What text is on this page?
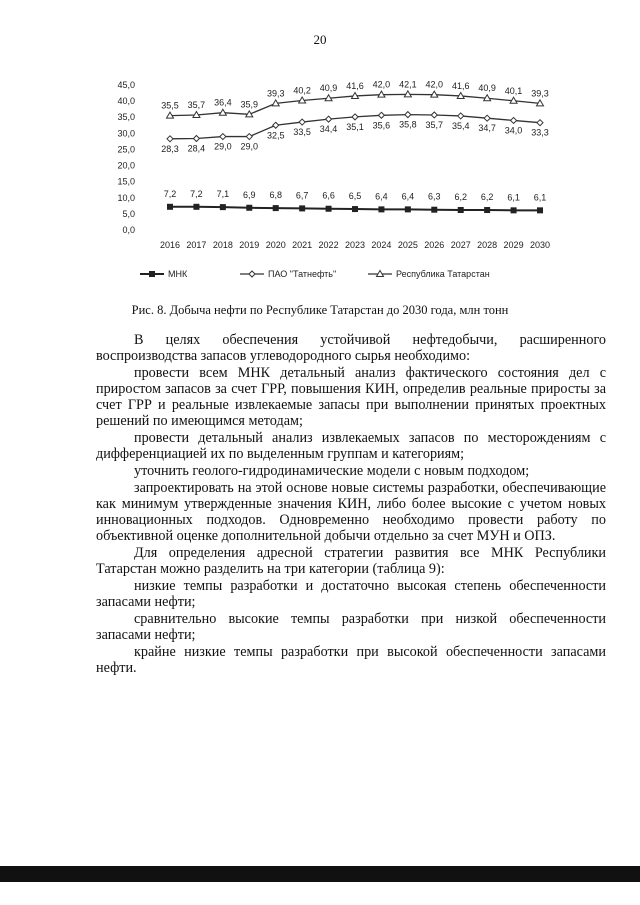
20
0,0
5,0
10,0
15,0
20,0
25,0
30,0
35,0
40,0
45,0
2016 2017 2018 2019 2020 2021 2022 2023 2024 2025 2026 2027 2028 2029 2030
7,2 7,2 7,1 6,9 6,8 6,7 6,6 6,5 6,4 6,4 6,3 6,2 6,2 6,1 6,1
28,3 28,4 29,0 29,0
32,5 33,5 34,4 35,1 35,6 35,8 35,7 35,4 34,7 34,0 33,3
35,5 35,7 36,4 35,9
39,3 40,2 40,9 41,6 42,0 42,1 42,0 41,6 40,9 40,1 39,3
МНК	ПАО "Татнефть"	Республика Татарстан
Рис. 8. Добыча нефти по Республике Татарстан до 2030 года, млн тонн

В целях обеспечения устойчивой нефтедобычи, расширенного воспроизводства запасов углеводородного сырья необходимо:

провести всем МНК детальный анализ фактического состояния дел с приростом запасов за счет ГРР, повышения КИН, определив реальные приросты за счет ГРР и реальные извлекаемые запасы при выполнении принятых проектных решений по имеющимся методам;

провести детальный анализ извлекаемых запасов по месторождениям с дифференциацией их по выделенным группам и категориям;

уточнить геолого-гидродинамические модели с новым подходом;

запроектировать на этой основе новые системы разработки, обеспечивающие как минимум утвержденные значения КИН, либо более высокие с учетом новых инновационных подходов. Одновременно необходимо провести работу по объективной оценке дополнительной добычи отдельно за счет МУН и ОПЗ.

Для определения адресной стратегии развития все МНК Республики Татарстан можно разделить на три категории (таблица 9):

низкие темпы разработки и достаточно высокая степень обеспеченности запасами нефти;

сравнительно высокие темпы разработки при низкой обеспеченности запасами нефти;

крайне низкие темпы разработки при высокой обеспеченности запасами нефти.
